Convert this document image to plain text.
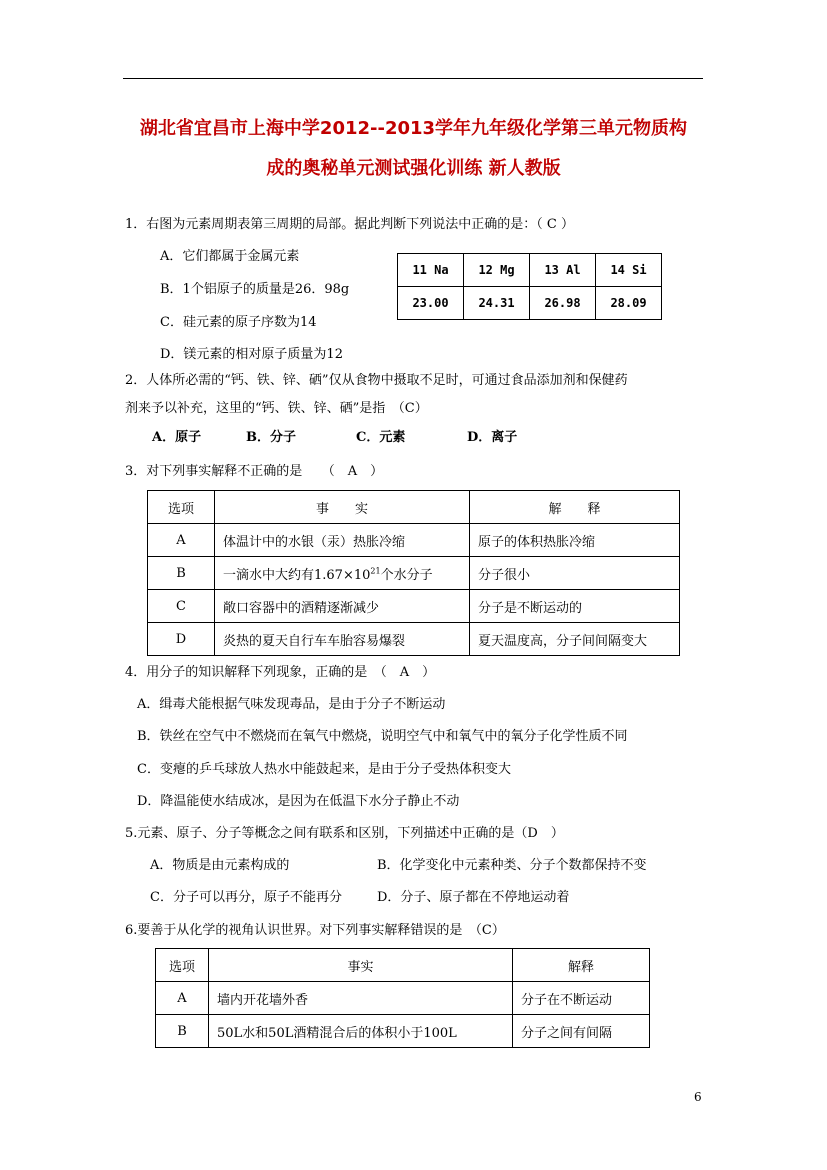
湖北省宜昌市上海中学2012--2013学年九年级化学第三单元物质构
成的奥秘单元测试强化训练 新人教版
1．右图为元素周期表第三周期的局部。据此判断下列说法中正确的是：（ C ）
A．它们都属于金属元素
B．1个铝原子的质量是26．98g
C．硅元素的原子序数为14
D．镁元素的相对原子质量为12
11 Na	12 Mg	13 Al	14 Si
23.00	24.31	26.98	28.09
2．人体所必需的“钙、铁、锌、硒”仅从食物中摄取不足时，可通过食品添加剂和保健药
剂来予以补充，这里的“钙、铁、锌、硒”是指　（C）
A．原子	B．分子	C．元素	D．离子
3．对下列事实解释不正确的是　　（　A　）
选项	事　　实	解　　释
A	体温计中的水银（汞）热胀冷缩	原子的体积热胀冷缩
B	一滴水中大约有$1.67\times 10^{21}$个水分子	分子很小
C	敞口容器中的酒精逐渐减少	分子是不断运动的
D	炎热的夏天自行车车胎容易爆裂	夏天温度高，分子间间隔变大
4．用分子的知识解释下列现象，正确的是　（　A　）
A．缉毒犬能根据气味发现毒品，是由于分子不断运动
B．铁丝在空气中不燃烧而在氧气中燃烧，说明空气中和氧气中的氧分子化学性质不同
C．变瘪的乒乓球放人热水中能鼓起来，是由于分子受热体积变大
D．降温能使水结成冰，是因为在低温下水分子静止不动
5.元素、原子、分子等概念之间有联系和区别，下列描述中正确的是（D　）
A．物质是由元素构成的	B．化学变化中元素种类、分子个数都保持不变
C．分子可以再分，原子不能再分	D．分子、原子都在不停地运动着
6.要善于从化学的视角认识世界。对下列事实解释错误的是　（C）
选项	事实	解释
A	墙内开花墙外香	分子在不断运动
B	50L水和50L酒精混合后的体积小于100L	分子之间有间隔
6
